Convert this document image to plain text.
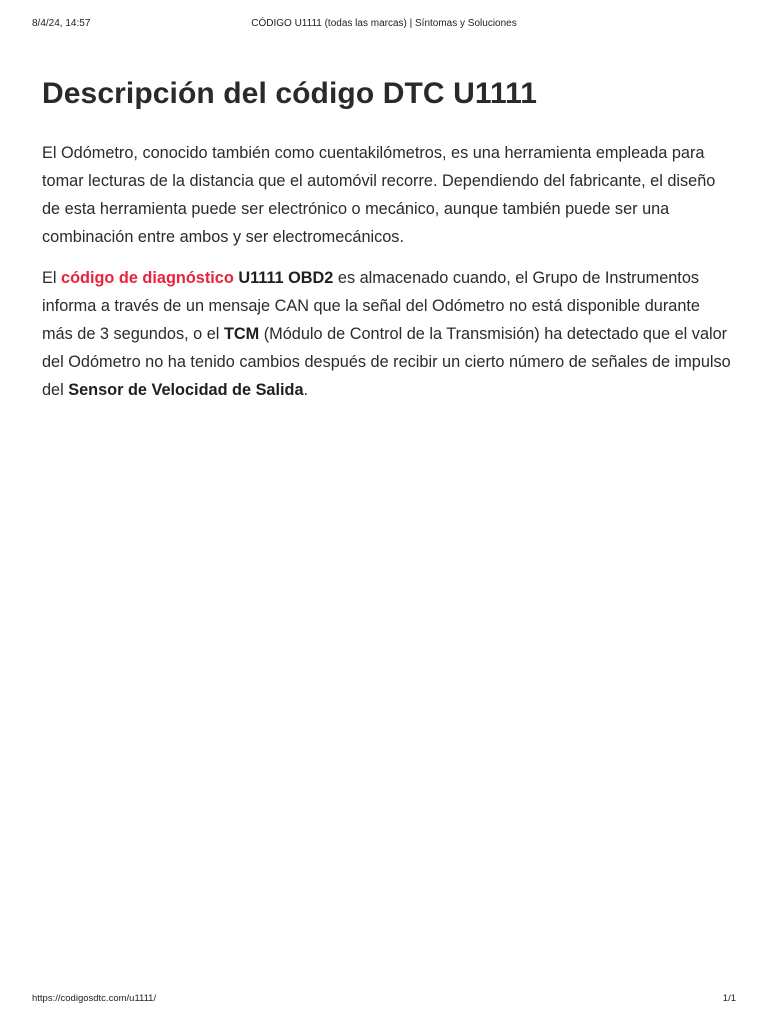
8/4/24, 14:57	CÓDIGO U1111 (todas las marcas) | Síntomas y Soluciones
Descripción del código DTC U1111

El Odómetro, conocido también como cuentakilómetros, es una herramienta empleada para tomar lecturas de la distancia que el automóvil recorre. Dependiendo del fabricante, el diseño de esta herramienta puede ser electrónico o mecánico, aunque también puede ser una combinación entre ambos y ser electromecánicos.

El código de diagnóstico U1111 OBD2 es almacenado cuando, el Grupo de Instrumentos informa a través de un mensaje CAN que la señal del Odómetro no está disponible durante más de 3 segundos, o el TCM (Módulo de Control de la Transmisión) ha detectado que el valor del Odómetro no ha tenido cambios después de recibir un cierto número de señales de impulso del Sensor de Velocidad de Salida.

https://codigosdtc.com/u1111/	1/1
